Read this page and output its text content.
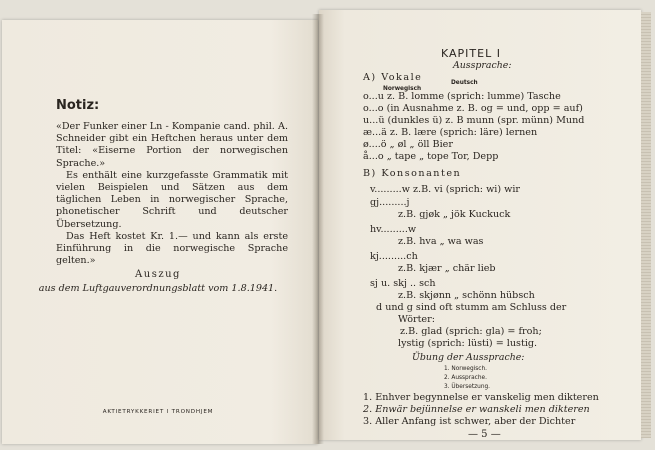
Notiz:

«Der Funker einer Ln - Kompanie cand. phil. A. Schneider gibt ein Heftchen heraus unter dem Titel: «Eiserne Portion der norwegischen Sprache.»

Es enthält eine kurzgefasste Grammatik mit vielen Beispielen und Sätzen aus dem täglichen Leben in norwegischer Sprache, phonetischer Schrift und deutscher Übersetzung.

Das Heft kostet Kr. 1.— und kann als erste Einführung in die norwegische Sprache gelten.»

Auszug
aus dem Luftgauverordnungsblatt vom 1.8.1941.
AKTIETRYKKERIET I TRONDHJEM
KAPITEL I
Aussprache:
A) Vokale
Norwegisch
Deutsch
o...u z. B. lomme (sprich: lumme) Tasche
o...o (in Ausnahme z. B. og = und, opp = auf)
u...ü (dunkles ü) z. B munn (spr. münn) Mund
æ...ä z. B. lære (sprich: läre) lernen
ø....ö „ øl „ öll Bier
å...o „ tape „ tope Tor, Depp
B) Konsonanten
v.........w z.B. vi (sprich: wi) wir
gj.........j
z.B. gjøk „ jök Kuckuck
hv.........w
z.B. hva „ wa was
kj.........ch
z.B. kjær „ chär lieb
sj u. skj .. sch
z.B. skjønn „ schönn hübsch
d und g sind oft stumm am Schluss der
Wörter:
z.B. glad (sprich: gla) = froh;
lystig (sprich: lüsti) = lustig.
Übung der Aussprache:
1. Norwegisch.
2. Aussprache.
3. Übersetzung.
1. Enhver begynnelse er vanskelig men dikteren
2. Enwär bejünnelse er wanskeli men dikteren
3. Aller Anfang ist schwer, aber der Dichter
— 5 —
